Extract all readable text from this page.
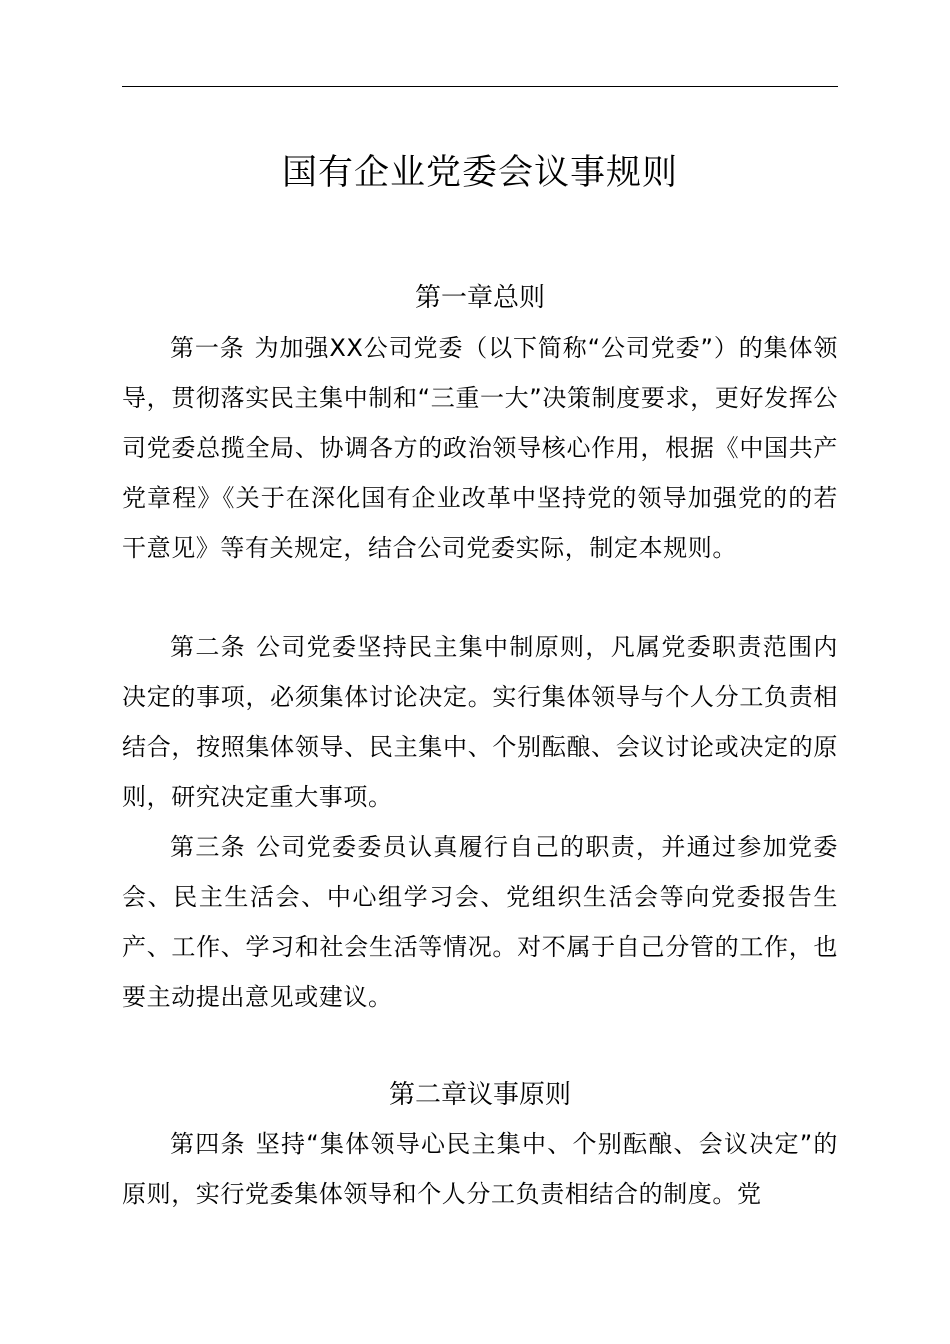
国有企业党委会议事规则
第一章总则

第一条 为加强XX公司党委（以下简称“公司党委”）的集体领导，贯彻落实民主集中制和“三重一大”决策制度要求，更好发挥公司党委总揽全局、协调各方的政治领导核心作用，根据《中国共产党章程》《关于在深化国有企业改革中坚持党的领导加强党的的若干意见》等有关规定，结合公司党委实际，制定本规则。

第二条 公司党委坚持民主集中制原则，凡属党委职责范围内决定的事项，必须集体讨论决定。实行集体领导与个人分工负责相结合，按照集体领导、民主集中、个别酝酿、会议讨论或决定的原则，研究决定重大事项。

第三条 公司党委委员认真履行自己的职责，并通过参加党委会、民主生活会、中心组学习会、党组织生活会等向党委报告生产、工作、学习和社会生活等情况。对不属于自己分管的工作，也要主动提出意见或建议。

第二章议事原则

第四条 坚持“集体领导心民主集中、个别酝酿、会议决定”的原则，实行党委集体领导和个人分工负责相结合的制度。党
